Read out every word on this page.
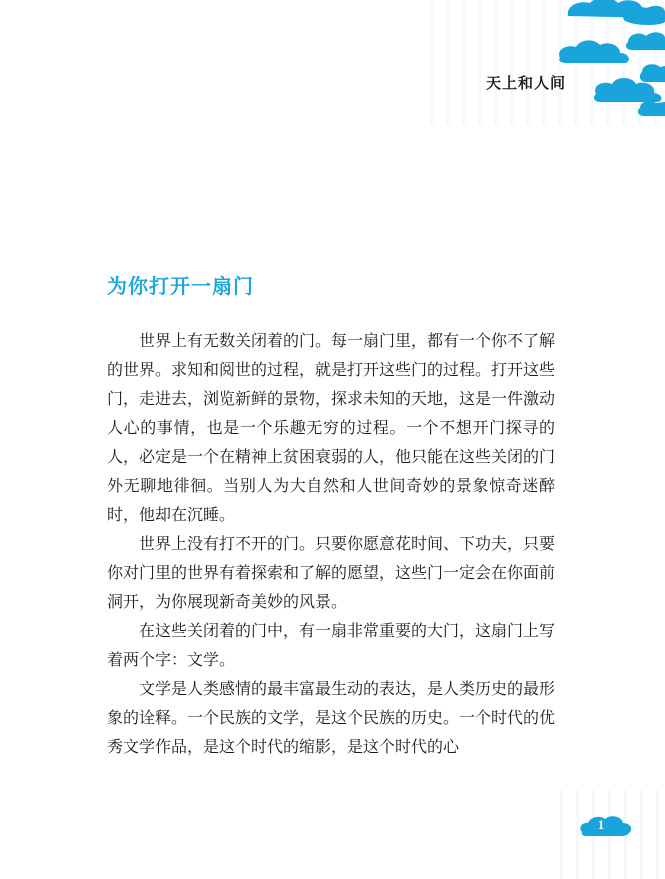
天上和人间
为你打开一扇门

世界上有无数关闭着的门。每一扇门里，都有一个你不了解的世界。求知和阅世的过程，就是打开这些门的过程。打开这些门，走进去，浏览新鲜的景物，探求未知的天地，这是一件激动人心的事情，也是一个乐趣无穷的过程。一个不想开门探寻的人，必定是一个在精神上贫困衰弱的人，他只能在这些关闭的门外无聊地徘徊。当别人为大自然和人世间奇妙的景象惊奇迷醉时，他却在沉睡。

世界上没有打不开的门。只要你愿意花时间、下功夫，只要你对门里的世界有着探索和了解的愿望，这些门一定会在你面前洞开，为你展现新奇美妙的风景。

在这些关闭着的门中，有一扇非常重要的大门，这扇门上写着两个字：文学。

文学是人类感情的最丰富最生动的表达，是人类历史的最形象的诠释。一个民族的文学，是这个民族的历史。一个时代的优秀文学作品，是这个时代的缩影，是这个时代的心

1
